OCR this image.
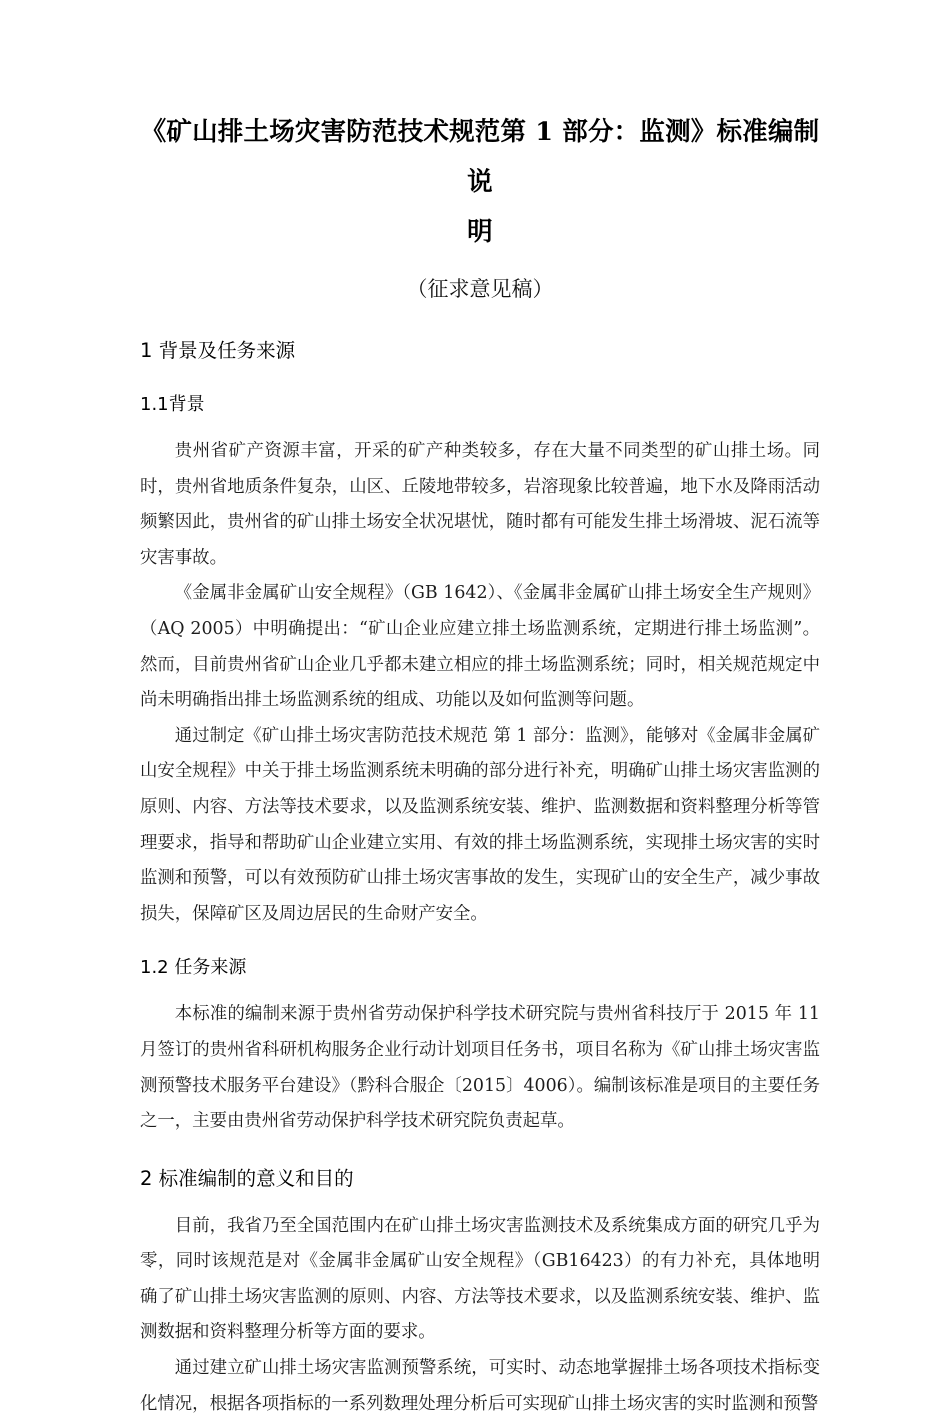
《矿山排土场灾害防范技术规范第 1 部分：监测》标准编制说
明
（征求意见稿）
1 背景及任务来源
1.1背景

贵州省矿产资源丰富，开采的矿产种类较多，存在大量不同类型的矿山排土场。同时，贵州省地质条件复杂，山区、丘陵地带较多，岩溶现象比较普遍，地下水及降雨活动频繁因此，贵州省的矿山排土场安全状况堪忧，随时都有可能发生排土场滑坡、泥石流等灾害事故。

《金属非金属矿山安全规程》（GB 1642）、《金属非金属矿山排土场安全生产规则》（AQ 2005）中明确提出：“矿山企业应建立排土场监测系统，定期进行排土场监测”。然而，目前贵州省矿山企业几乎都未建立相应的排土场监测系统；同时，相关规范规定中尚未明确指出排土场监测系统的组成、功能以及如何监测等问题。

通过制定《矿山排土场灾害防范技术规范 第 1 部分：监测》，能够对《金属非金属矿山安全规程》中关于排土场监测系统未明确的部分进行补充，明确矿山排土场灾害监测的原则、内容、方法等技术要求，以及监测系统安装、维护、监测数据和资料整理分析等管理要求，指导和帮助矿山企业建立实用、有效的排土场监测系统，实现排土场灾害的实时监测和预警，可以有效预防矿山排土场灾害事故的发生，实现矿山的安全生产，减少事故损失，保障矿区及周边居民的生命财产安全。

1.2 任务来源

本标准的编制来源于贵州省劳动保护科学技术研究院与贵州省科技厅于 2015 年 11 月签订的贵州省科研机构服务企业行动计划项目任务书，项目名称为《矿山排土场灾害监测预警技术服务平台建设》（黔科合服企〔2015〕4006）。编制该标准是项目的主要任务之一，主要由贵州省劳动保护科学技术研究院负责起草。

2 标准编制的意义和目的

目前，我省乃至全国范围内在矿山排土场灾害监测技术及系统集成方面的研究几乎为零，同时该规范是对《金属非金属矿山安全规程》（GB16423）的有力补充，具体地明确了矿山排土场灾害监测的原则、内容、方法等技术要求，以及监测系统安装、维护、监测数据和资料整理分析等方面的要求。

通过建立矿山排土场灾害监测预警系统，可实时、动态地掌握排土场各项技术指标变化情况，根据各项指标的一系列数理处理分析后可实现矿山排土场灾害的实时监测和预警
